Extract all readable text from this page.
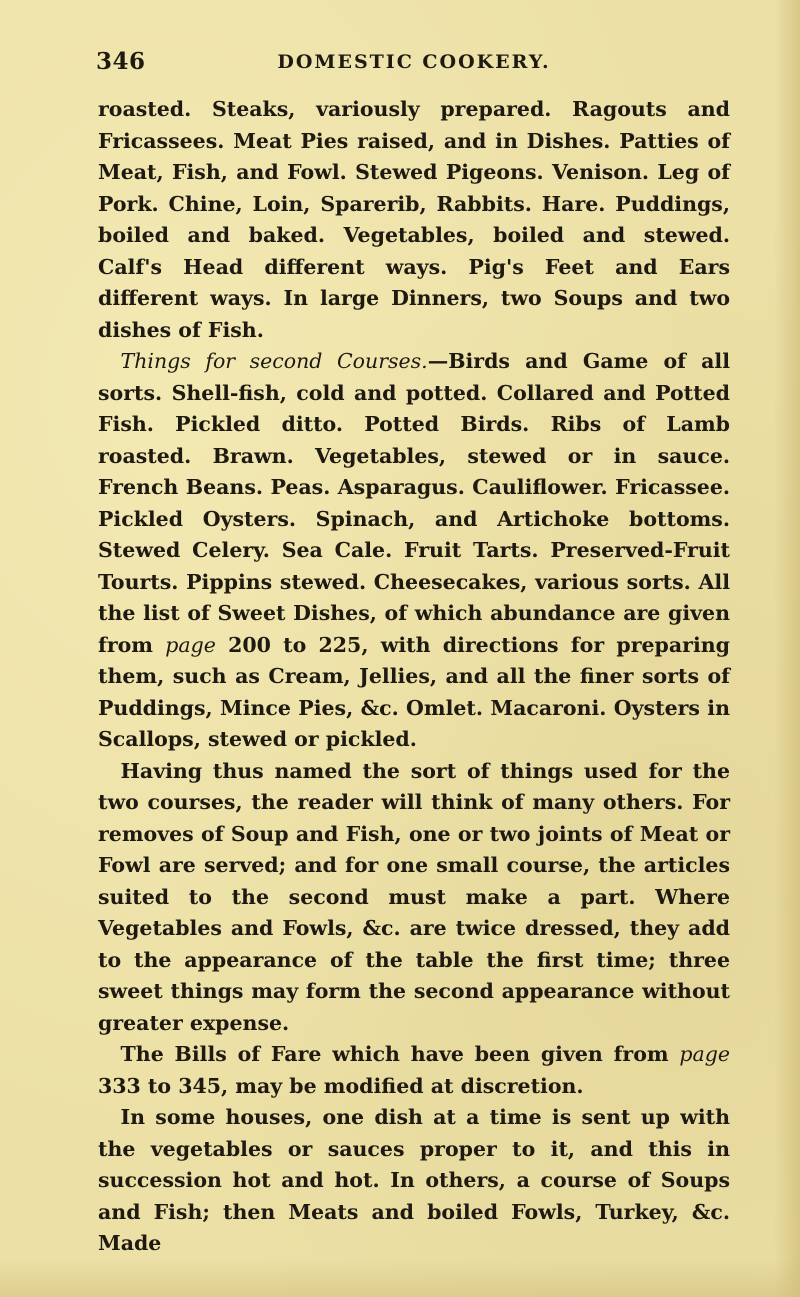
346	DOMESTIC COOKERY.

roasted. Steaks, variously prepared. Ragouts and Fricassees. Meat Pies raised, and in Dishes. Patties of Meat, Fish, and Fowl. Stewed Pigeons. Venison. Leg of Pork. Chine, Loin, Sparerib, Rabbits. Hare. Puddings, boiled and baked. Vegetables, boiled and stewed. Calf's Head different ways. Pig's Feet and Ears different ways. In large Dinners, two Soups and two dishes of Fish.

Things for second Courses.—Birds and Game of all sorts. Shell-fish, cold and potted. Collared and Potted Fish. Pickled ditto. Potted Birds. Ribs of Lamb roasted. Brawn. Vegetables, stewed or in sauce. French Beans. Peas. Asparagus. Cauliflower. Fricassee. Pickled Oysters. Spinach, and Artichoke bottoms. Stewed Celery. Sea Cale. Fruit Tarts. Preserved-Fruit Tourts. Pippins stewed. Cheesecakes, various sorts. All the list of Sweet Dishes, of which abundance are given from page 200 to 225, with directions for preparing them, such as Cream, Jellies, and all the finer sorts of Puddings, Mince Pies, &c. Omlet. Macaroni. Oysters in Scallops, stewed or pickled.

Having thus named the sort of things used for the two courses, the reader will think of many others. For removes of Soup and Fish, one or two joints of Meat or Fowl are served; and for one small course, the articles suited to the second must make a part. Where Vegetables and Fowls, &c. are twice dressed, they add to the appearance of the table the first time; three sweet things may form the second appearance without greater expense.

The Bills of Fare which have been given from page 333 to 345, may be modified at discretion.

In some houses, one dish at a time is sent up with the vegetables or sauces proper to it, and this in succession hot and hot. In others, a course of Soups and Fish; then Meats and boiled Fowls, Turkey, &c. Made
